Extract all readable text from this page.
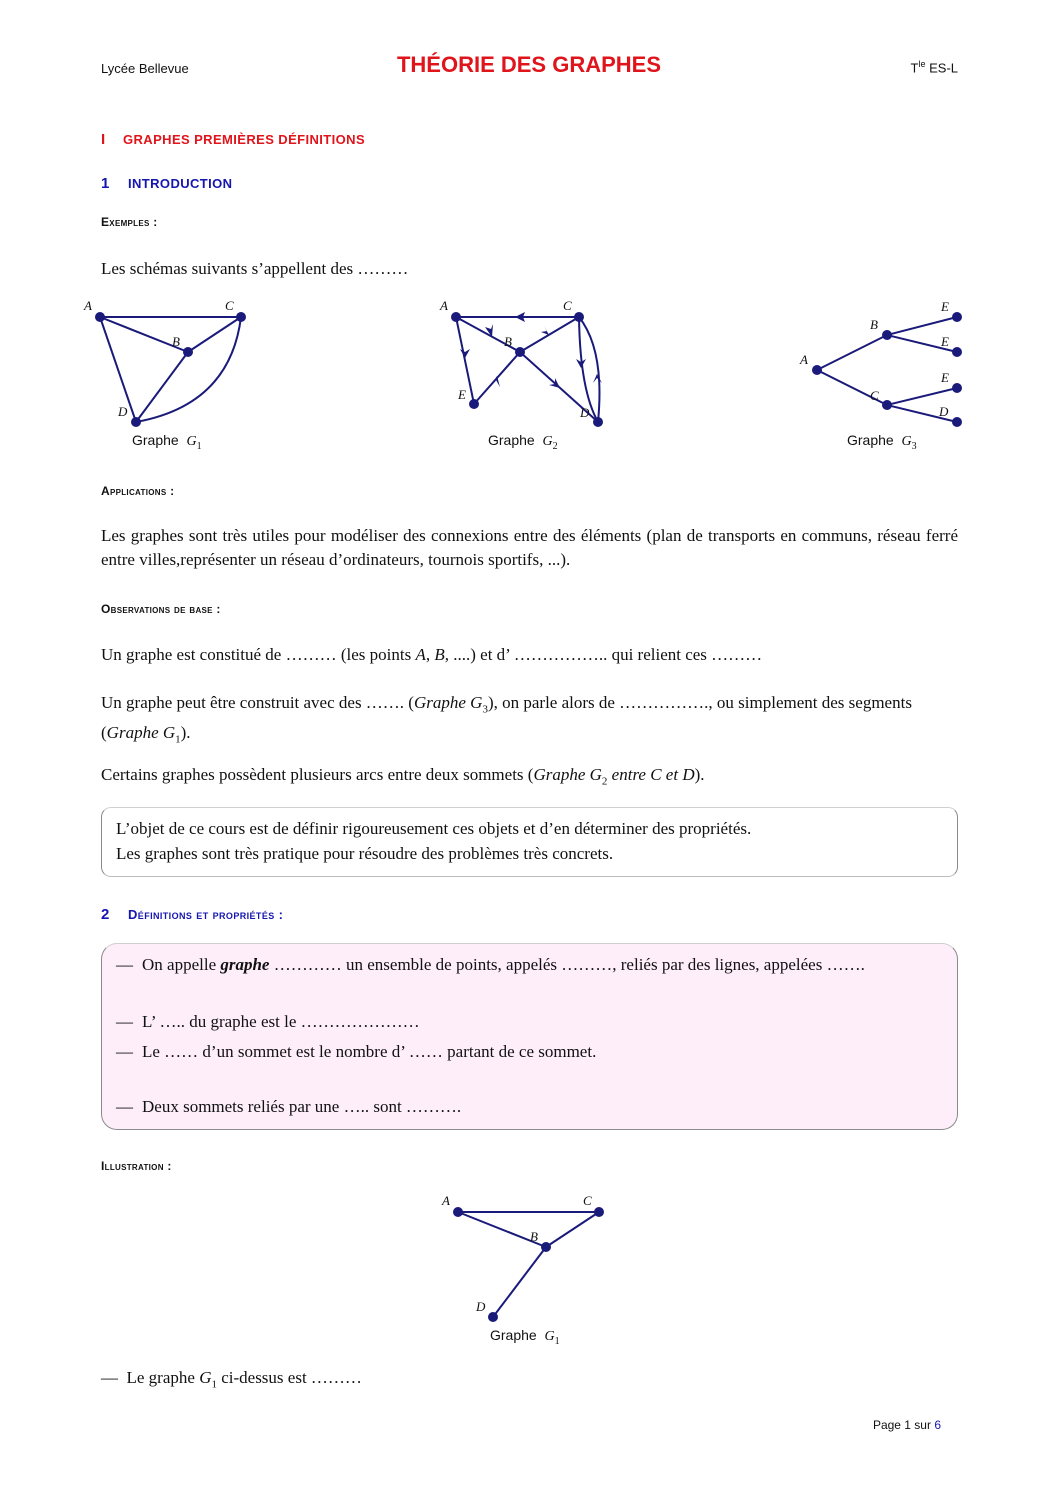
Lycée Bellevue	THÉORIE DES GRAPHES	$T^{le}$ ES-L
I GRAPHES PREMIÈRES DÉFINITIONS
1 INTRODUCTION
Exemples :
Les schémas suivants s’appellent des ………
A	C
B
D
Graphe $G_1$
A	C
B
E
D
Graphe $G_2$
A
B
C
E
E
E
D
Graphe $G_3$
Applications :
Les graphes sont très utiles pour modéliser des connexions entre des éléments (plan de transports en communs, réseau ferré entre villes,représenter un réseau d’ordinateurs, tournois sportifs, ...).
Observations de base :
Un graphe est constitué de ……… (les points A, B, ....) et d’ …………….. qui relient ces ………
Un graphe peut être construit avec des ……. (Graphe $G_3$), on parle alors de ……………., ou simplement des segments (Graphe $G_1$).
Certains graphes possèdent plusieurs arcs entre deux sommets (Graphe $G_2$ entre C et D).
L’objet de ce cours est de définir rigoureusement ces objets et d’en déterminer des propriétés.
Les graphes sont très pratique pour résoudre des problèmes très concrets.
2 Définitions et propriétés :
— On appelle graphe ………… un ensemble de points, appelés ………, reliés par des lignes, appelées …….
— L’ ….. du graphe est le …………………
— Le …… d’un sommet est le nombre d’ …… partant de ce sommet.
— Deux sommets reliés par une ….. sont ……….
Illustration :
A	C
B
D
Graphe $G_1$
— Le graphe $G_1$ ci-dessus est ………
Page 1 sur 6
